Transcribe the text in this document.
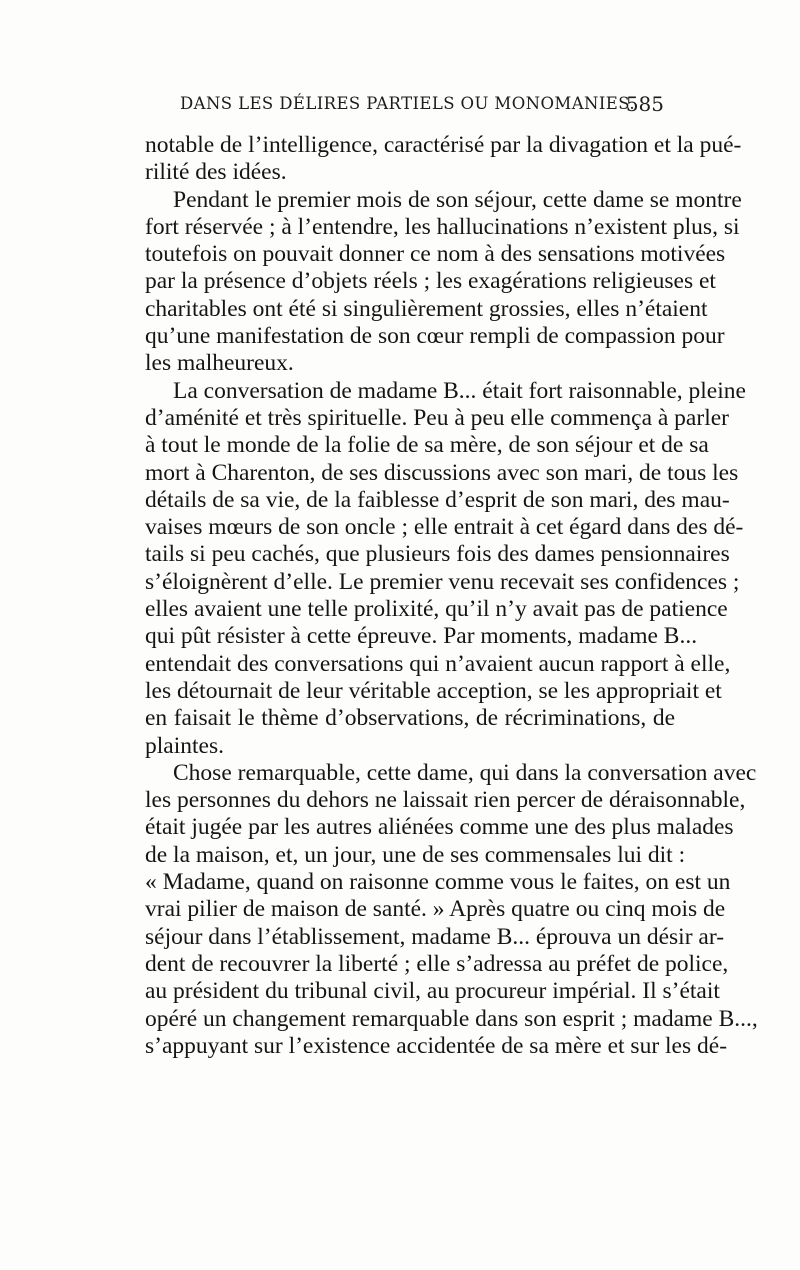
DANS LES DÉLIRES PARTIELS OU MONOMANIES.
585
notable de l’intelligence, caractérisé par la divagation et la pué-
rilité des idées.
Pendant le premier mois de son séjour, cette dame se montre
fort réservée ; à l’entendre, les hallucinations n’existent plus, si
toutefois on pouvait donner ce nom à des sensations motivées
par la présence d’objets réels ; les exagérations religieuses et
charitables ont été si singulièrement grossies, elles n’étaient
qu’une manifestation de son cœur rempli de compassion pour
les malheureux.
La conversation de madame B... était fort raisonnable, pleine
d’aménité et très spirituelle. Peu à peu elle commença à parler
à tout le monde de la folie de sa mère, de son séjour et de sa
mort à Charenton, de ses discussions avec son mari, de tous les
détails de sa vie, de la faiblesse d’esprit de son mari, des mau-
vaises mœurs de son oncle ; elle entrait à cet égard dans des dé-
tails si peu cachés, que plusieurs fois des dames pensionnaires
s’éloignèrent d’elle. Le premier venu recevait ses confidences ;
elles avaient une telle prolixité, qu’il n’y avait pas de patience
qui pût résister à cette épreuve. Par moments, madame B...
entendait des conversations qui n’avaient aucun rapport à elle,
les détournait de leur véritable acception, se les appropriait et
en faisait le thème d’observations, de récriminations, de
plaintes.
Chose remarquable, cette dame, qui dans la conversation avec
les personnes du dehors ne laissait rien percer de déraisonnable,
était jugée par les autres aliénées comme une des plus malades
de la maison, et, un jour, une de ses commensales lui dit :
« Madame, quand on raisonne comme vous le faites, on est un
vrai pilier de maison de santé. » Après quatre ou cinq mois de
séjour dans l’établissement, madame B... éprouva un désir ar-
dent de recouvrer la liberté ; elle s’adressa au préfet de police,
au président du tribunal civil, au procureur impérial. Il s’était
opéré un changement remarquable dans son esprit ; madame B...,
s’appuyant sur l’existence accidentée de sa mère et sur les dé-
